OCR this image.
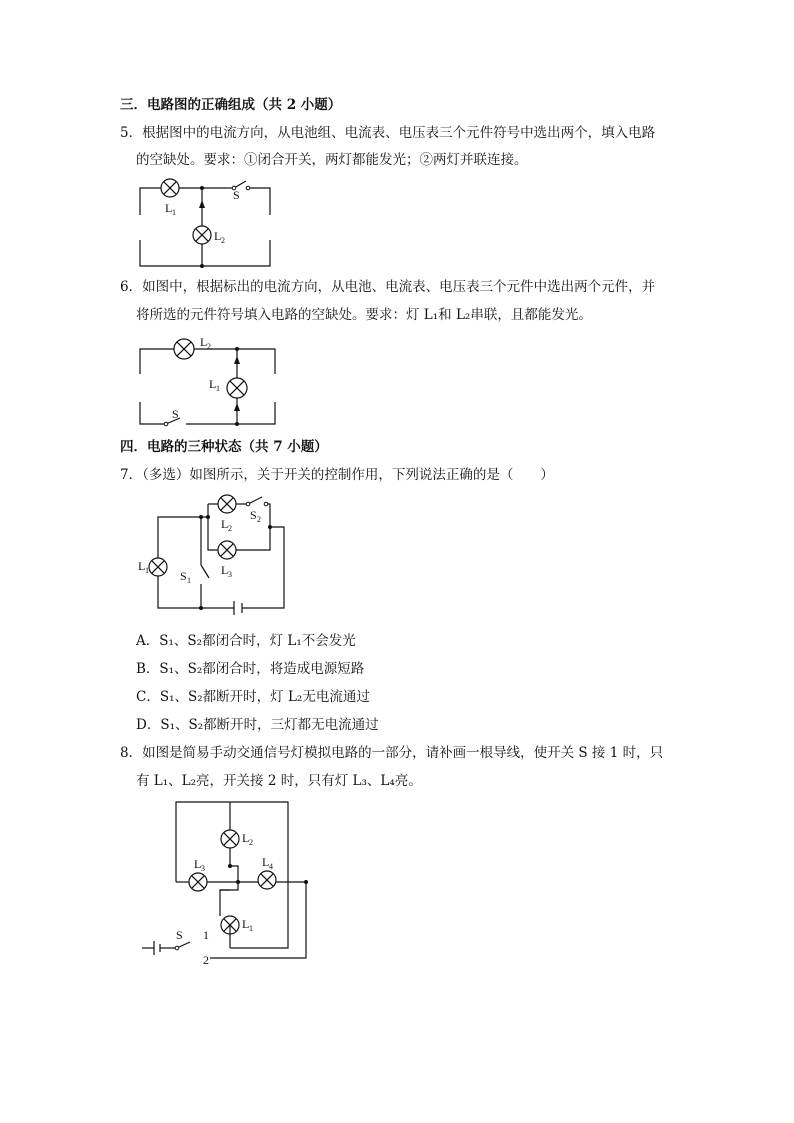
三．电路图的正确组成（共 2 小题）
5．根据图中的电流方向，从电池组、电流表、电压表三个元件符号中选出两个，填入电路
的空缺处。要求：①闭合开关，两灯都能发光；②两灯并联连接。
L 1
L 2
S
6．如图中，根据标出的电流方向，从电池、电流表、电压表三个元件中选出两个元件，并
将所选的元件符号填入电路的空缺处。要求：灯 L₁和 L₂串联，且都能发光。
L 2
L 1
S
四．电路的三种状态（共 7 小题）
7．（多选）如图所示，关于开关的控制作用，下列说法正确的是（　　）
L 1
L 2
L 3
S 2
S 1
A．S₁、S₂都闭合时，灯 L₁不会发光
B．S₁、S₂都闭合时，将造成电源短路
C．S₁、S₂都断开时，灯 L₂无电流通过
D．S₁、S₂都断开时，三灯都无电流通过
8．如图是简易手动交通信号灯模拟电路的一部分，请补画一根导线，使开关 S 接 1 时，只
有 L₁、L₂亮，开关接 2 时，只有灯 L₃、L₄亮。
L 2
L 3	L 4
L 1
S 1
2
